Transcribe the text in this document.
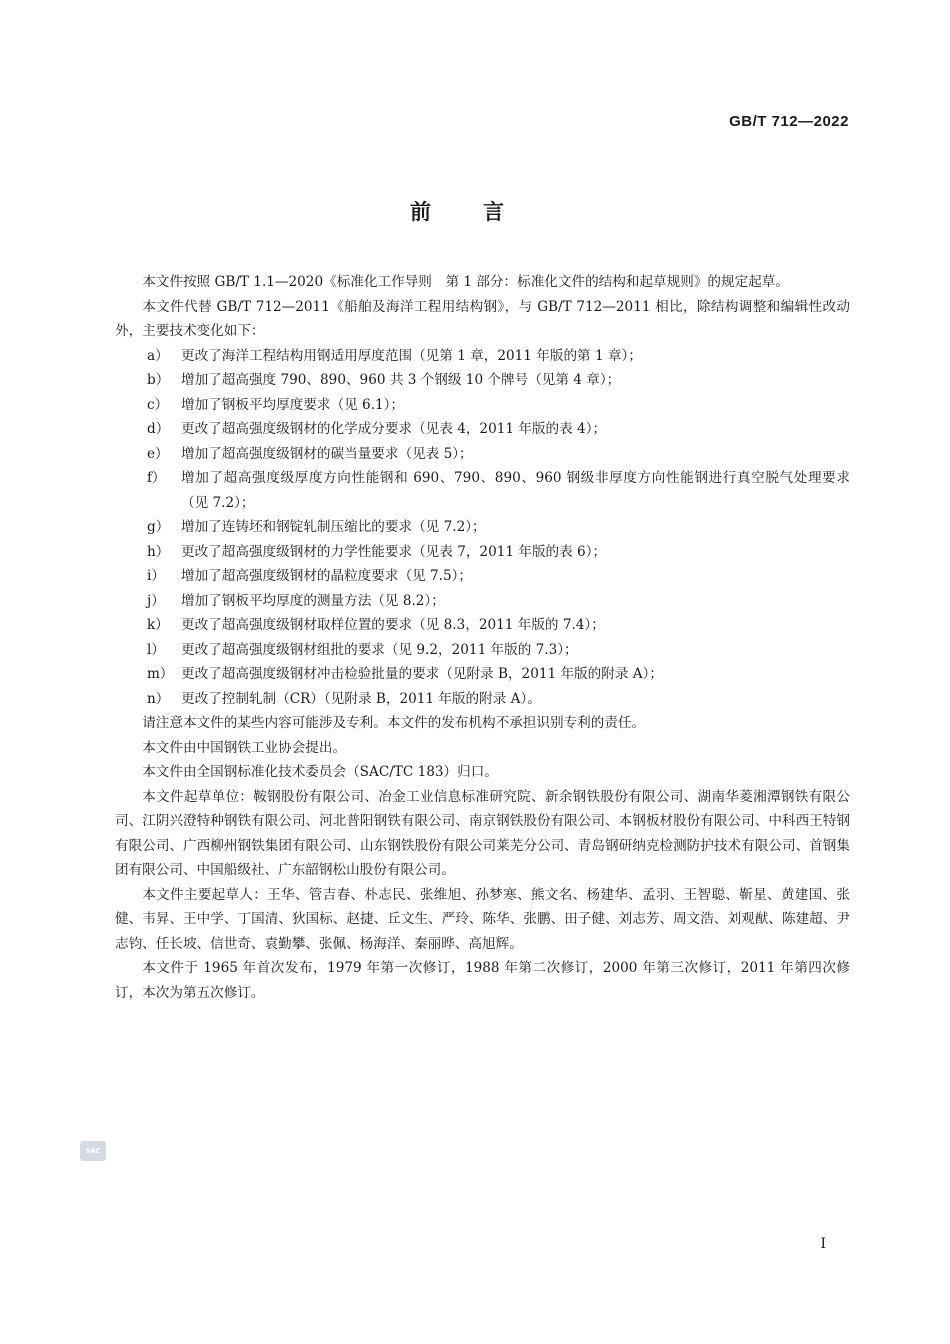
GB/T 712—2022
前言

本文件按照 GB/T 1.1—2020《标准化工作导则　第 1 部分：标准化文件的结构和起草规则》的规定起草。

本文件代替 GB/T 712—2011《船舶及海洋工程用结构钢》，与 GB/T 712—2011 相比，除结构调整和编辑性改动外，主要技术变化如下：

a） 更改了海洋工程结构用钢适用厚度范围（见第 1 章，2011 年版的第 1 章）；
b） 增加了超高强度 790、890、960 共 3 个钢级 10 个牌号（见第 4 章）；
c） 增加了钢板平均厚度要求（见 6.1）；
d） 更改了超高强度级钢材的化学成分要求（见表 4，2011 年版的表 4）；
e） 增加了超高强度级钢材的碳当量要求（见表 5）；
f） 增加了超高强度级厚度方向性能钢和 690、790、890、960 钢级非厚度方向性能钢进行真空脱气处理要求（见 7.2）；
g） 增加了连铸坯和钢锭轧制压缩比的要求（见 7.2）；
h） 更改了超高强度级钢材的力学性能要求（见表 7，2011 年版的表 6）；
i） 增加了超高强度级钢材的晶粒度要求（见 7.5）；
j） 增加了钢板平均厚度的测量方法（见 8.2）；
k） 更改了超高强度级钢材取样位置的要求（见 8.3，2011 年版的 7.4）；
l） 更改了超高强度级钢材组批的要求（见 9.2，2011 年版的 7.3）；
m） 更改了超高强度级钢材冲击检验批量的要求（见附录 B，2011 年版的附录 A）；
n） 更改了控制轧制（CR）（见附录 B，2011 年版的附录 A）。

请注意本文件的某些内容可能涉及专利。本文件的发布机构不承担识别专利的责任。

本文件由中国钢铁工业协会提出。

本文件由全国钢标准化技术委员会（SAC/TC 183）归口。

本文件起草单位：鞍钢股份有限公司、冶金工业信息标准研究院、新余钢铁股份有限公司、湖南华菱湘潭钢铁有限公司、江阴兴澄特种钢铁有限公司、河北普阳钢铁有限公司、南京钢铁股份有限公司、本钢板材股份有限公司、中科西王特钢有限公司、广西柳州钢铁集团有限公司、山东钢铁股份有限公司莱芜分公司、青岛钢研纳克检测防护技术有限公司、首钢集团有限公司、中国船级社、广东韶钢松山股份有限公司。

本文件主要起草人：王华、管吉春、朴志民、张维旭、孙梦寒、熊文名、杨建华、孟羽、王智聪、靳星、黄建国、张健、韦昇、王中学、丁国清、狄国标、赵捷、丘文生、严玲、陈华、张鹏、田子健、刘志芳、周文浩、刘观猷、陈建超、尹志钧、任长坡、信世奇、袁勤攀、张佩、杨海洋、秦丽晔、高旭辉。

本文件于 1965 年首次发布，1979 年第一次修订，1988 年第二次修订，2000 年第三次修订，2011 年第四次修订，本次为第五次修订。

SAC
Ⅰ
